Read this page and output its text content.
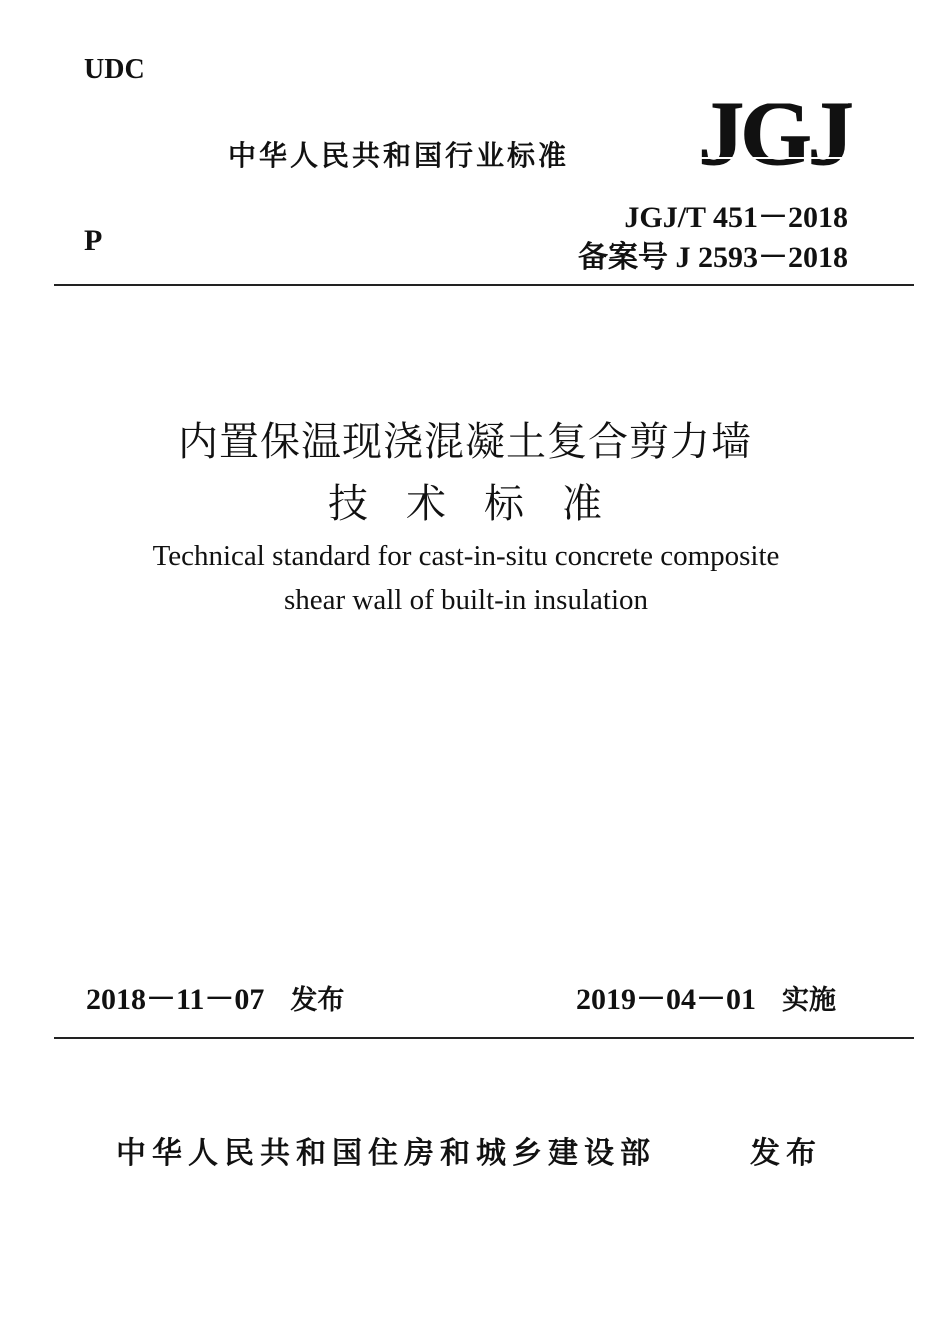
UDC
中华人民共和国行业标准 JGJ
JGJ/T 451－2018
P
备案号 J 2593－2018
内置保温现浇混凝土复合剪力墙
技术标准
Technical standard for cast-in-situ concrete composite
shear wall of built-in insulation
2018－11－07 发布	2019－04－01 实施
中华人民共和国住房和城乡建设部	发布
